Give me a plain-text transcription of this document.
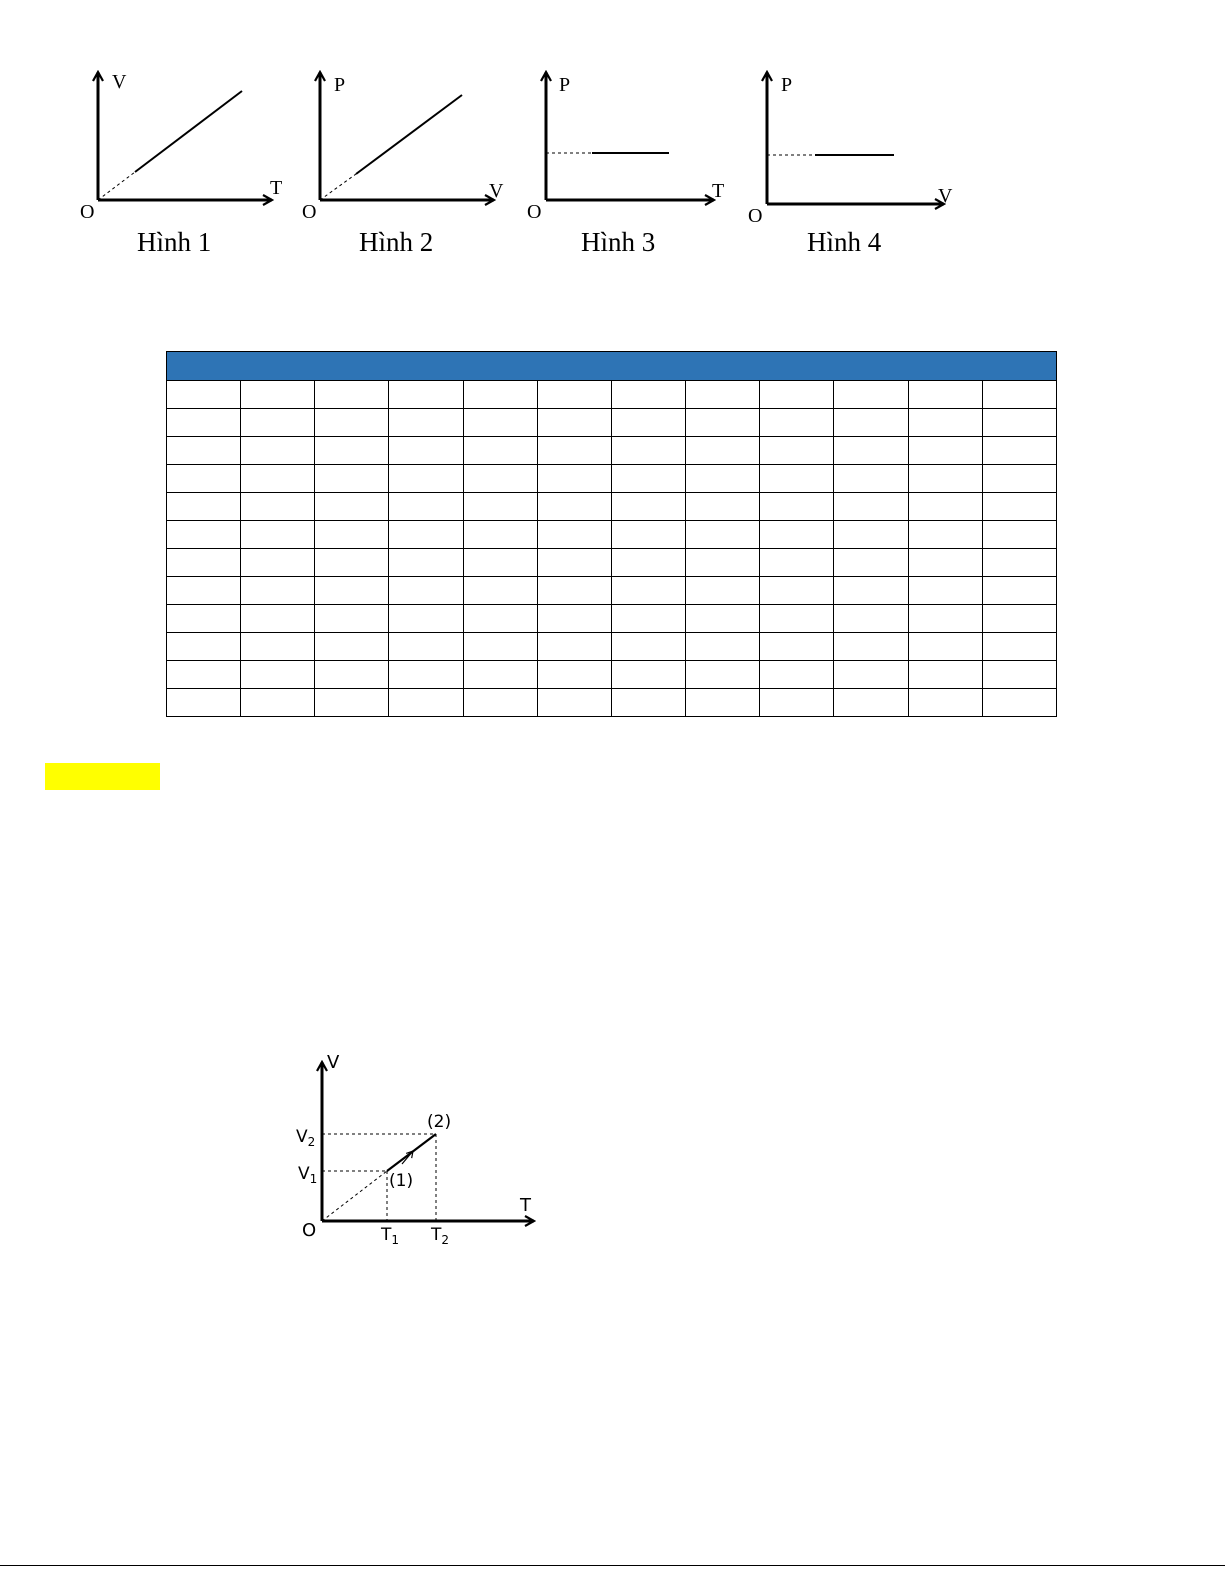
V
T
O
Hình 1
P
V
O
Hình 2
P
T
O
Hình 3
P
V
O
Hình 4

V
T
O
$V_2$
$V_1$
$T_1$ $T_2$
(1)
(2)
